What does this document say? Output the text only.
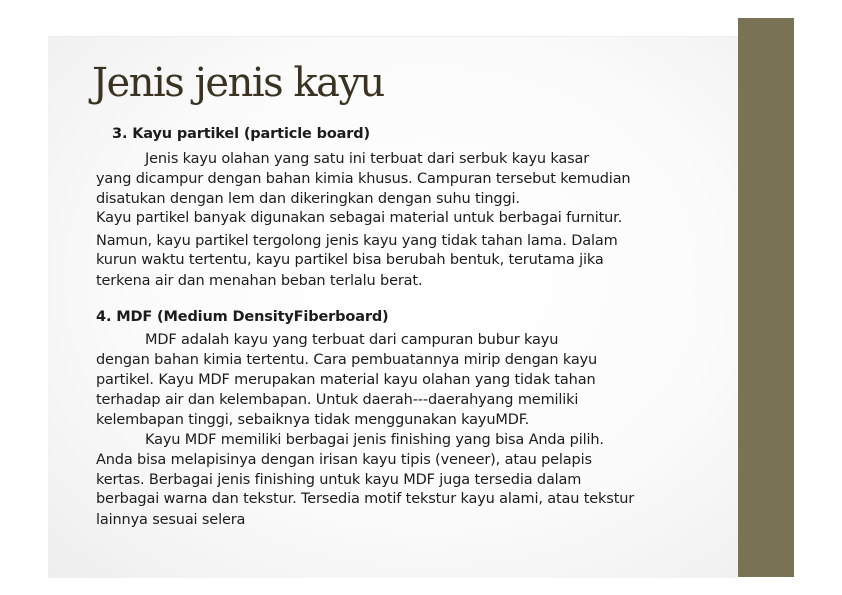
Jenis jenis kayu
3. Kayu partikel (particle board)
Jenis kayu olahan yang satu ini terbuat dari serbuk kayu kasar
yang dicampur dengan bahan kimia khusus. Campuran tersebut kemudian
disatukan dengan lem dan dikeringkan dengan suhu tinggi.
Kayu partikel banyak digunakan sebagai material untuk berbagai furnitur.
Namun, kayu partikel tergolong jenis kayu yang tidak tahan lama. Dalam
kurun waktu tertentu, kayu partikel bisa berubah bentuk, terutama jika
terkena air dan menahan beban terlalu berat.
4. MDF (Medium DensityFiberboard)
MDF adalah kayu yang terbuat dari campuran bubur kayu
dengan bahan kimia tertentu. Cara pembuatannya mirip dengan kayu
partikel. Kayu MDF merupakan material kayu olahan yang tidak tahan
terhadap air dan kelembapan. Untuk daerah---daerahyang memiliki
kelembapan tinggi, sebaiknya tidak menggunakan kayuMDF.
Kayu MDF memiliki berbagai jenis finishing yang bisa Anda pilih.
Anda bisa melapisinya dengan irisan kayu tipis (veneer), atau pelapis
kertas. Berbagai jenis finishing untuk kayu MDF juga tersedia dalam
berbagai warna dan tekstur. Tersedia motif tekstur kayu alami, atau tekstur
lainnya sesuai selera
